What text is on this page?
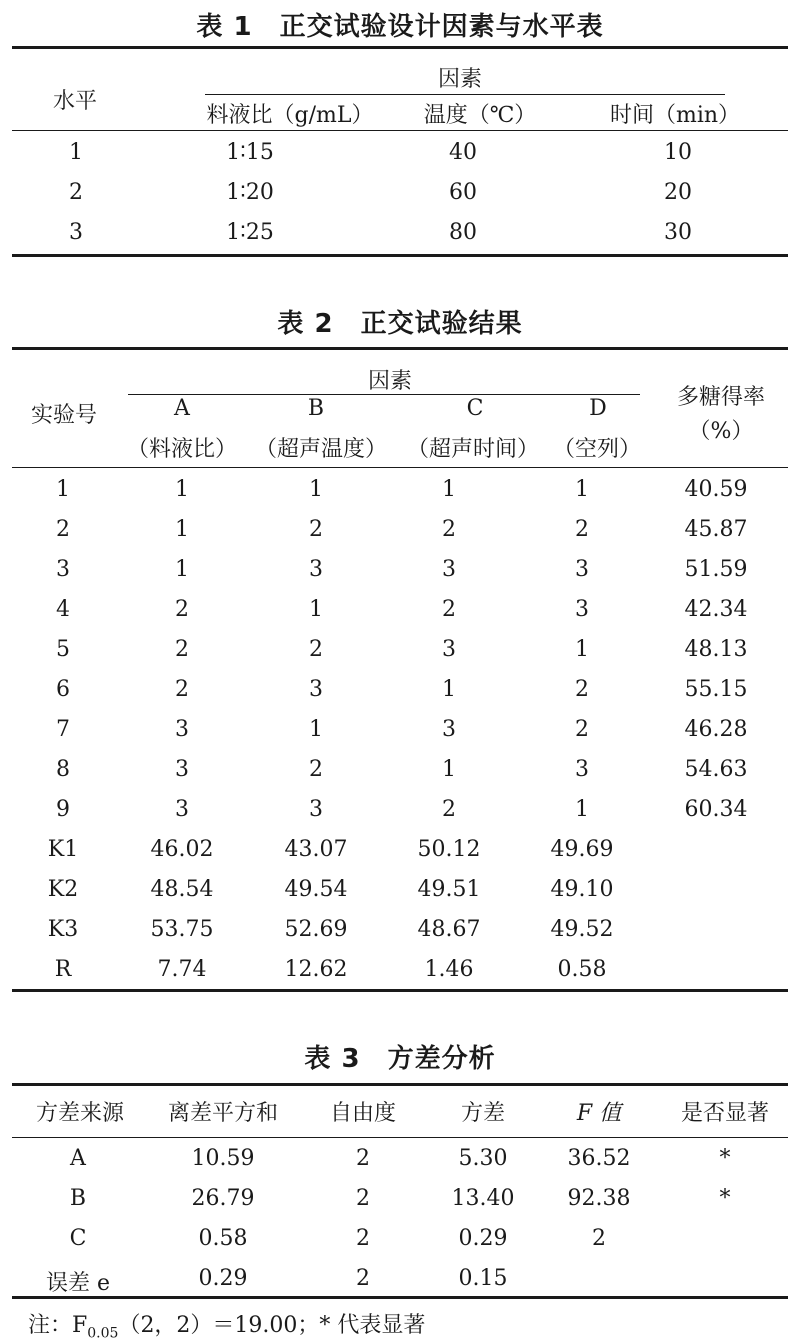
表 1　正交试验设计因素与水平表
水平
因素
料液比（g/mL）	温度（℃）	时间（min）
1	1∶15	40	10
2	1∶20	60	20
3	1∶25	80	30
表 2　正交试验结果
实验号
因素
A	B	C	D
（料液比） （超声温度） （超声时间） （空列）
多糖得率
（%）
1	1	1	1	1	40.59
2	1	2	2	2	45.87
3	1	3	3	3	51.59
4	2	1	2	3	42.34
5	2	2	3	1	48.13
6	2	3	1	2	55.15
7	3	1	3	2	46.28
8	3	2	1	3	54.63
9	3	3	2	1	60.34
K1	46.02	43.07	50.12	49.69
K2	48.54	49.54	49.51	49.10
K3	53.75	52.69	48.67	49.52
R	7.74	12.62	1.46	0.58
表 3　方差分析
方差来源	离差平方和	自由度	方差	F 值	是否显著
A	10.59	2	5.30	36.52	*
B	26.79	2	13.40	92.38	*
C	0.58	2	0.29	2
误差 e	0.29	2	0.15
注：$F_{0.05}(2$，2）＝19.00；* 代表显著
